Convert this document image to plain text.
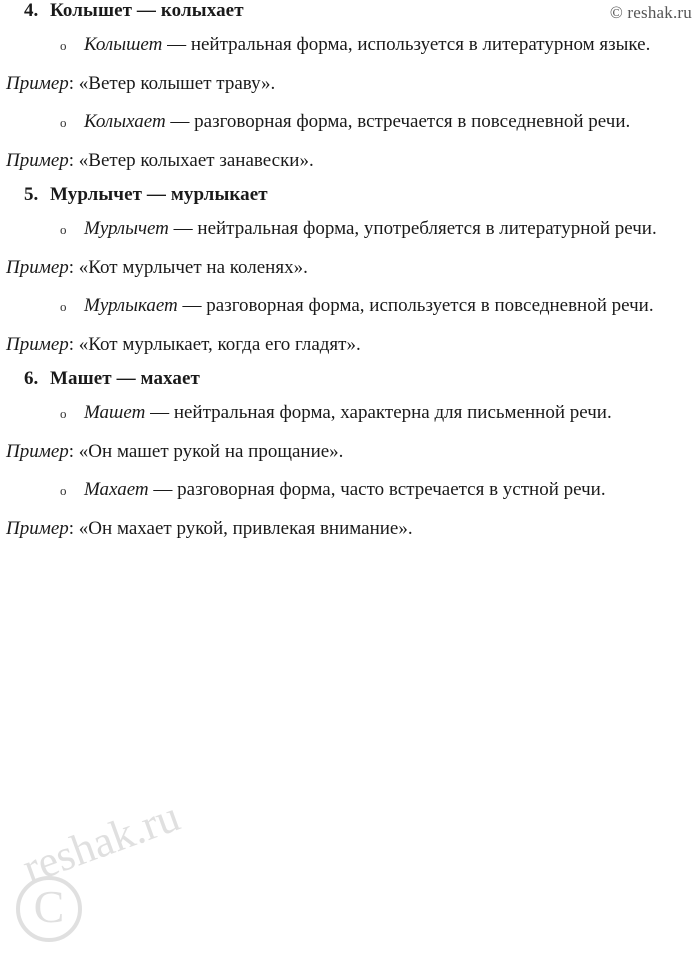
© reshak.ru
reshak.ru
C
4. Колышет — колыхает
o Колышет — нейтральная форма, используется в литературном языке.
Пример: «Ветер колышет траву».
o Колыхает — разговорная форма, встречается в повседневной речи.
Пример: «Ветер колыхает занавески».
5. Мурлычет — мурлыкает
o Мурлычет — нейтральная форма, употребляется в литературной речи.
Пример: «Кот мурлычет на коленях».
o Мурлыкает — разговорная форма, используется в повседневной речи.
Пример: «Кот мурлыкает, когда его гладят».
6. Машет — махает
o Машет — нейтральная форма, характерна для письменной речи.
Пример: «Он машет рукой на прощание».
o Махает — разговорная форма, часто встречается в устной речи.
Пример: «Он махает рукой, привлекая внимание».
